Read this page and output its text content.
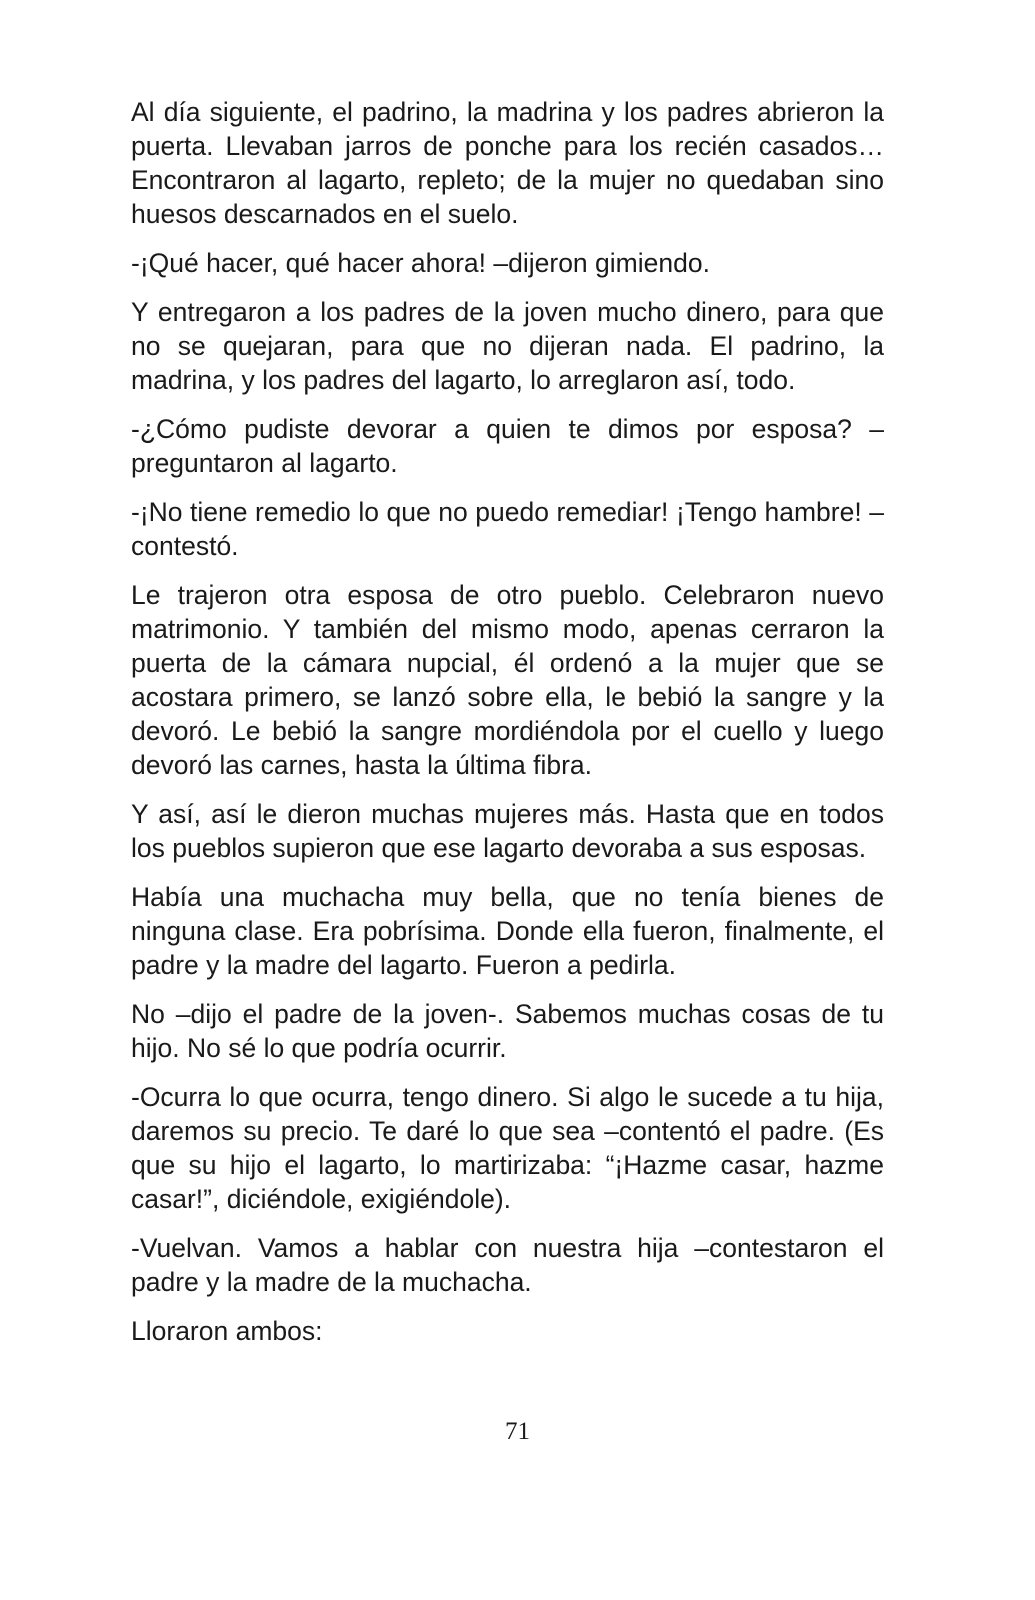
Al día siguiente, el padrino, la madrina y los padres abrieron la puerta. Llevaban jarros de ponche para los recién casados… Encontraron al lagarto, repleto; de la mujer no quedaban sino huesos descarnados en el suelo.

-¡Qué hacer, qué hacer ahora! –dijeron gimiendo.

Y entregaron a los padres de la joven mucho dinero, para que no se quejaran, para que no dijeran nada. El padrino, la madrina, y los padres del lagarto, lo arreglaron así, todo.

-¿Cómo pudiste devorar a quien te dimos por esposa? –preguntaron al lagarto.

-¡No tiene remedio lo que no puedo remediar! ¡Tengo hambre! –contestó.

Le trajeron otra esposa de otro pueblo. Celebraron nuevo matrimonio. Y también del mismo modo, apenas cerraron la puerta de la cámara nupcial, él ordenó a la mujer que se acostara primero, se lanzó sobre ella, le bebió la sangre y la devoró. Le bebió la sangre mordiéndola por el cuello y luego devoró las carnes, hasta la última fibra.

Y así, así le dieron muchas mujeres más. Hasta que en todos los pueblos supieron que ese lagarto devoraba a sus esposas.

Había una muchacha muy bella, que no tenía bienes de ninguna clase. Era pobrísima. Donde ella fueron, finalmente, el padre y la madre del lagarto. Fueron a pedirla.

No –dijo el padre de la joven-. Sabemos muchas cosas de tu hijo. No sé lo que podría ocurrir.

-Ocurra lo que ocurra, tengo dinero. Si algo le sucede a tu hija, daremos su precio. Te daré lo que sea –contentó el padre. (Es que su hijo el lagarto, lo martirizaba: “¡Hazme casar, hazme casar!”, diciéndole, exigiéndole).

-Vuelvan. Vamos a hablar con nuestra hija –contestaron el padre y la madre de la muchacha.

Lloraron ambos:

71
